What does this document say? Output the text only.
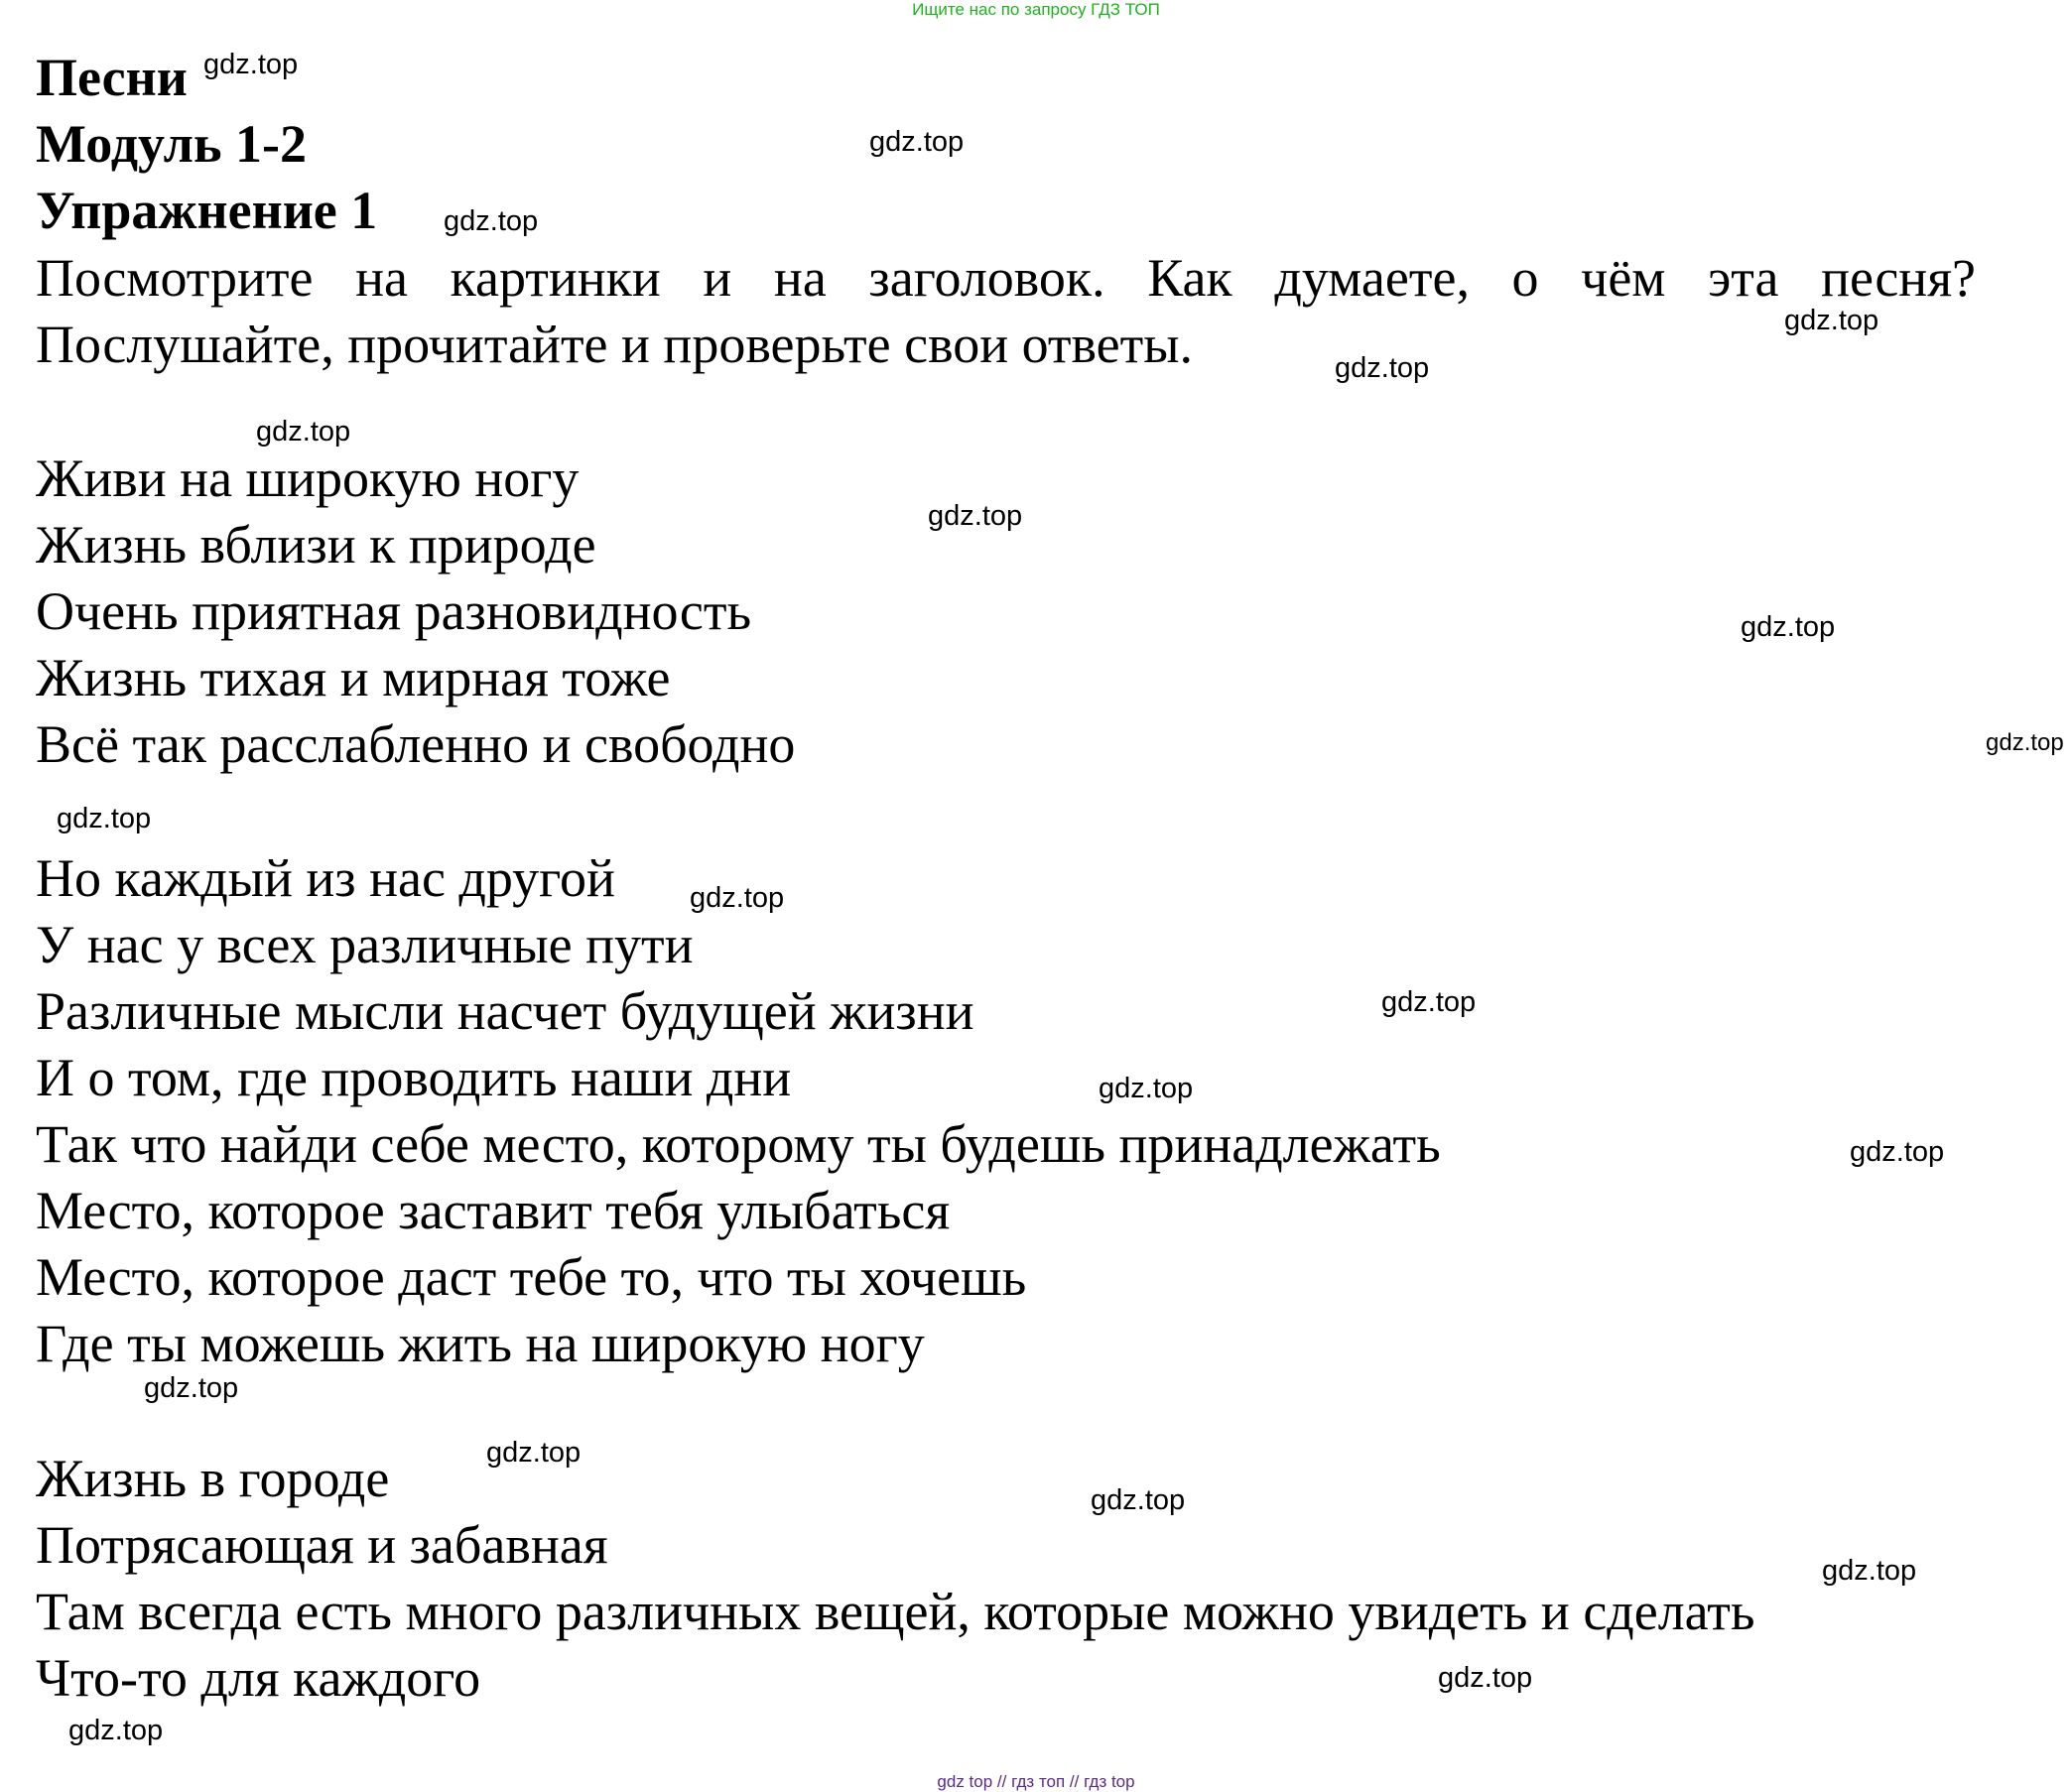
Ищите нас по запросу ГДЗ ТОП
Песни
Модуль 1-2
Упражнение 1
Посмотрите на картинки и на заголовок. Как думаете, о чём эта песня?
Послушайте, прочитайте и проверьте свои ответы.
Живи на широкую ногу
Жизнь вблизи к природе
Очень приятная разновидность
Жизнь тихая и мирная тоже
Всё так расслабленно и свободно
Но каждый из нас другой
У нас у всех различные пути
Различные мысли насчет будущей жизни
И о том, где проводить наши дни
Так что найди себе место, которому ты будешь принадлежать
Место, которое заставит тебя улыбаться
Место, которое даст тебе то, что ты хочешь
Где ты можешь жить на широкую ногу
Жизнь в городе
Потрясающая и забавная
Там всегда есть много различных вещей, которые можно увидеть и сделать
Что-то для каждого
gdz.top
gdz.top
gdz.top
gdz.top
gdz.top
gdz.top
gdz.top
gdz.top
gdz.top
gdz.top
gdz.top
gdz.top
gdz.top
gdz.top
gdz.top
gdz.top
gdz.top
gdz.top
gdz.top
gdz.top
gdz top // гдз топ // гдз top
